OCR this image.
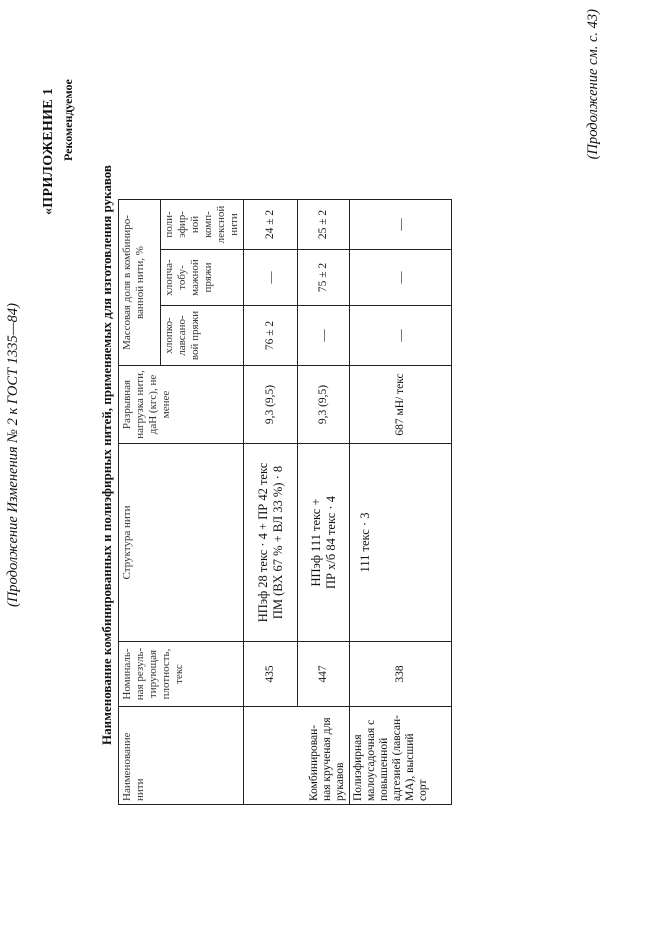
(Продолжение Изменения № 2 к ГОСТ 1335—84)
«ПРИЛОЖЕНИЕ 1 Рекомендуемое
Наименование комбинированных и полиэфирных нитей, применяемых для изготовления рукавов
Наименование нити	Номиналь-ная резуль-тирующая плотность, текс	Структура нити	Разрывная нагрузка нити, даН (кгс), не менее	Массовая доля в комбиниро-ванной нити, %		
				хлопко-лавсано-вой пряжи	хлопча-тобу-мажной пряжи	поли-эфир-ной комп-лексной нити
Комбинирован-ная крученая для рукавов	435	НПэф 28 текс · 4 + ПР 42 текс ПМ (ВХ 67 % + ВЛ 33 %) · 8	9,3 (9,5)	76 ± 2	—	24 ± 2
	447	НПэф 111 текс + ПР х/б 84 текс · 4	9,3 (9,5)	—	75 ± 2	25 ± 2
Полиэфирная малоусадочная с повышенной адгезией (лавсан-МА), высший сорт	338	111 текс · 3	687 мН/ текс	—	—	—
(Продолжение см. с. 43)
